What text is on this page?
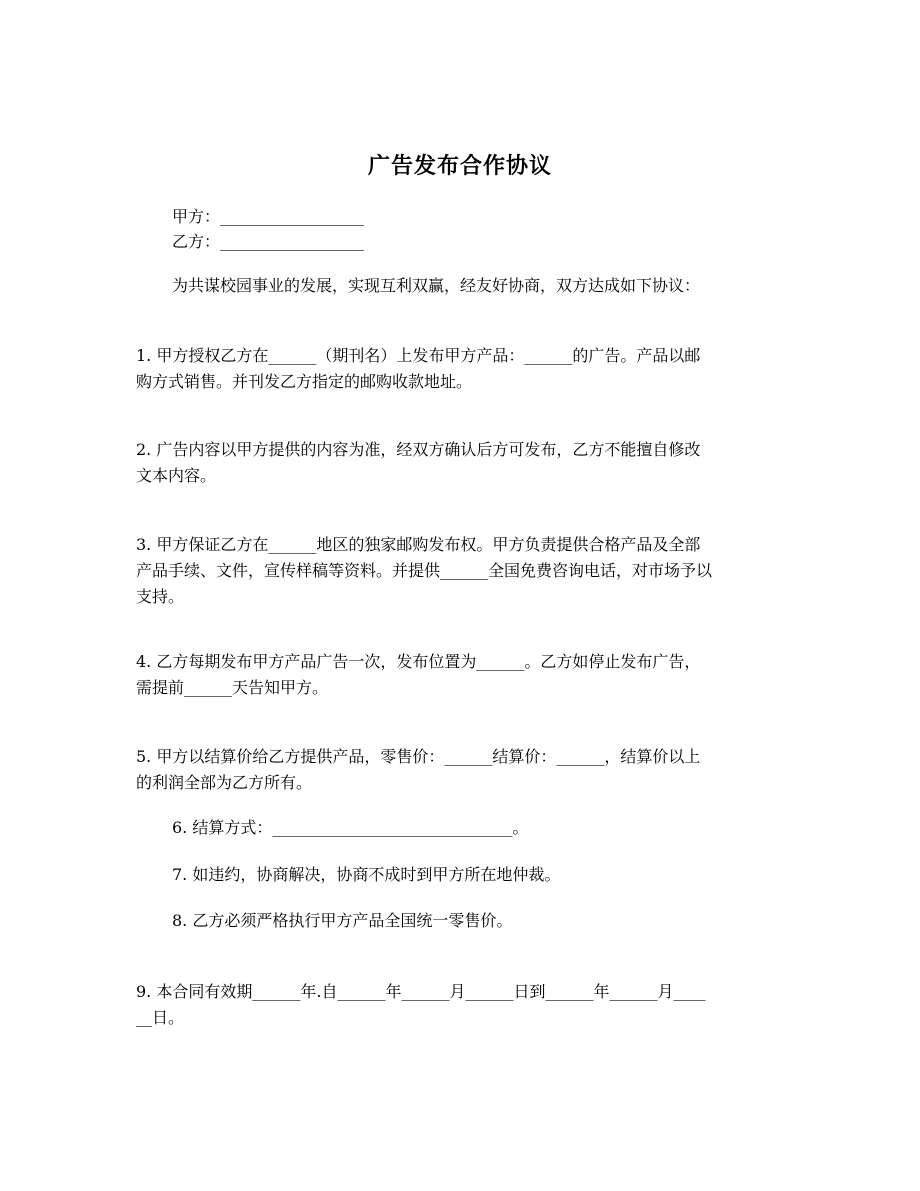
广告发布合作协议
甲方：__________________
乙方：__________________
为共谋校园事业的发展，实现互利双赢，经友好协商，双方达成如下协议：
1. 甲方授权乙方在______（期刊名）上发布甲方产品：______的广告。产品以邮
购方式销售。并刊发乙方指定的邮购收款地址。
2. 广告内容以甲方提供的内容为准，经双方确认后方可发布，乙方不能擅自修改
文本内容。
3. 甲方保证乙方在______地区的独家邮购发布权。甲方负责提供合格产品及全部
产品手续、文件，宣传样稿等资料。并提供______全国免费咨询电话，对市场予以
支持。
4. 乙方每期发布甲方产品广告一次，发布位置为______。乙方如停止发布广告，
需提前______天告知甲方。
5. 甲方以结算价给乙方提供产品，零售价：______结算价：______，结算价以上
的利润全部为乙方所有。
6. 结算方式：______________________________。
7. 如违约，协商解决，协商不成时到甲方所在地仲裁。
8. 乙方必须严格执行甲方产品全国统一零售价。
9. 本合同有效期______年.自______年______月______日到______年______月____
__日。
